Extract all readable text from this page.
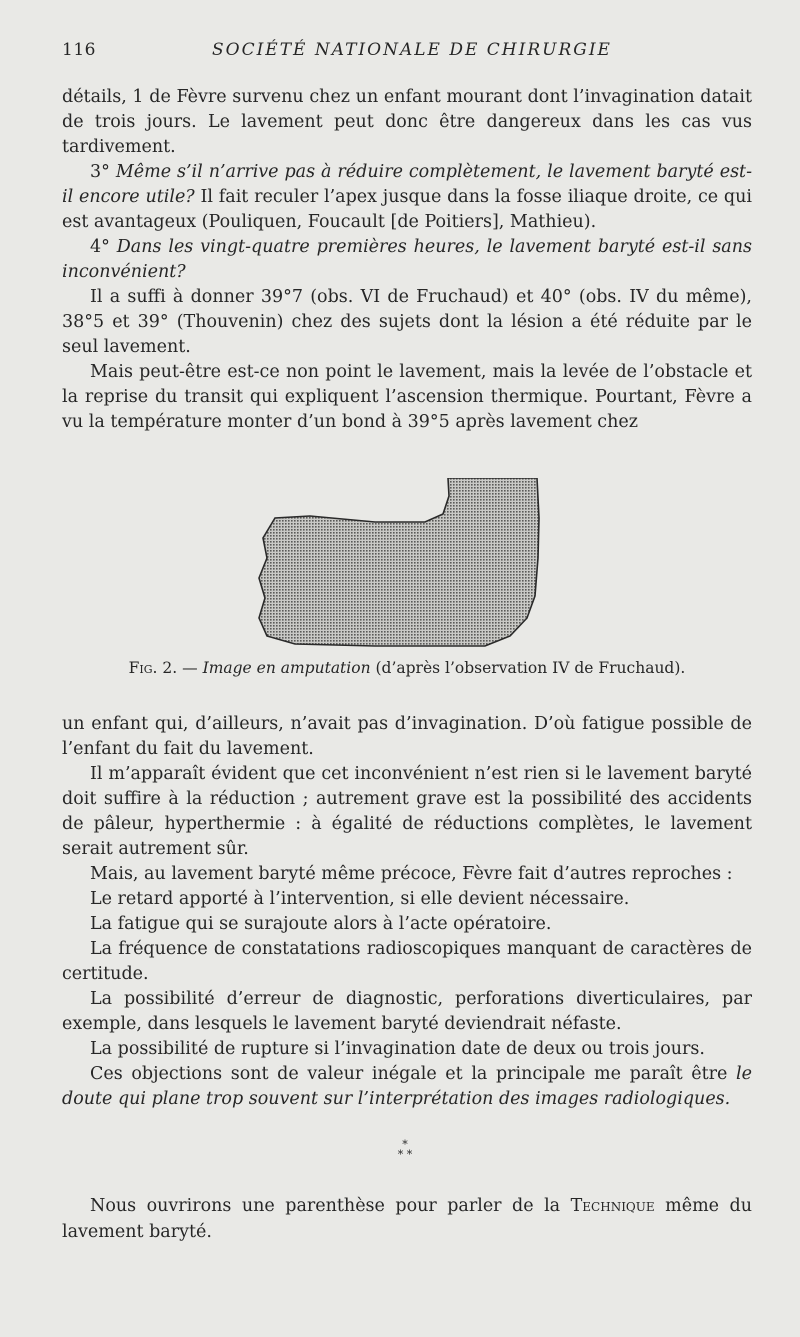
116	SOCIÉTÉ NATIONALE DE CHIRURGIE

détails, 1 de Fèvre survenu chez un enfant mourant dont l’invagination datait de trois jours. Le lavement peut donc être dangereux dans les cas vus tardivement.

3° Même s’il n’arrive pas à réduire complètement, le lavement baryté est-il encore utile? Il fait reculer l’apex jusque dans la fosse iliaque droite, ce qui est avantageux (Pouliquen, Foucault [de Poitiers], Mathieu).

4° Dans les vingt-quatre premières heures, le lavement baryté est-il sans inconvénient?

Il a suffi à donner 39°7 (obs. VI de Fruchaud) et 40° (obs. IV du même), 38°5 et 39° (Thouvenin) chez des sujets dont la lésion a été réduite par le seul lavement.

Mais peut-être est-ce non point le lavement, mais la levée de l’obstacle et la reprise du transit qui expliquent l’ascension thermique. Pourtant, Fèvre a vu la température monter d’un bond à 39°5 après lavement chez

Fig. 2. — Image en amputation (d’après l’observation IV de Fruchaud).

un enfant qui, d’ailleurs, n’avait pas d’invagination. D’où fatigue possible de l’enfant du fait du lavement.

Il m’apparaît évident que cet inconvénient n’est rien si le lavement baryté doit suffire à la réduction ; autrement grave est la possibilité des accidents de pâleur, hyperthermie : à égalité de réductions complètes, le lavement serait autrement sûr.

Mais, au lavement baryté même précoce, Fèvre fait d’autres reproches :

Le retard apporté à l’intervention, si elle devient nécessaire.

La fatigue qui se surajoute alors à l’acte opératoire.

La fréquence de constatations radioscopiques manquant de caractères de certitude.

La possibilité d’erreur de diagnostic, perforations diverticulaires, par exemple, dans lesquels le lavement baryté deviendrait néfaste.

La possibilité de rupture si l’invagination date de deux ou trois jours.

Ces objections sont de valeur inégale et la principale me paraît être le doute qui plane trop souvent sur l’interprétation des images radiologiques.

*
* *

Nous ouvrirons une parenthèse pour parler de la Technique même du lavement baryté.
